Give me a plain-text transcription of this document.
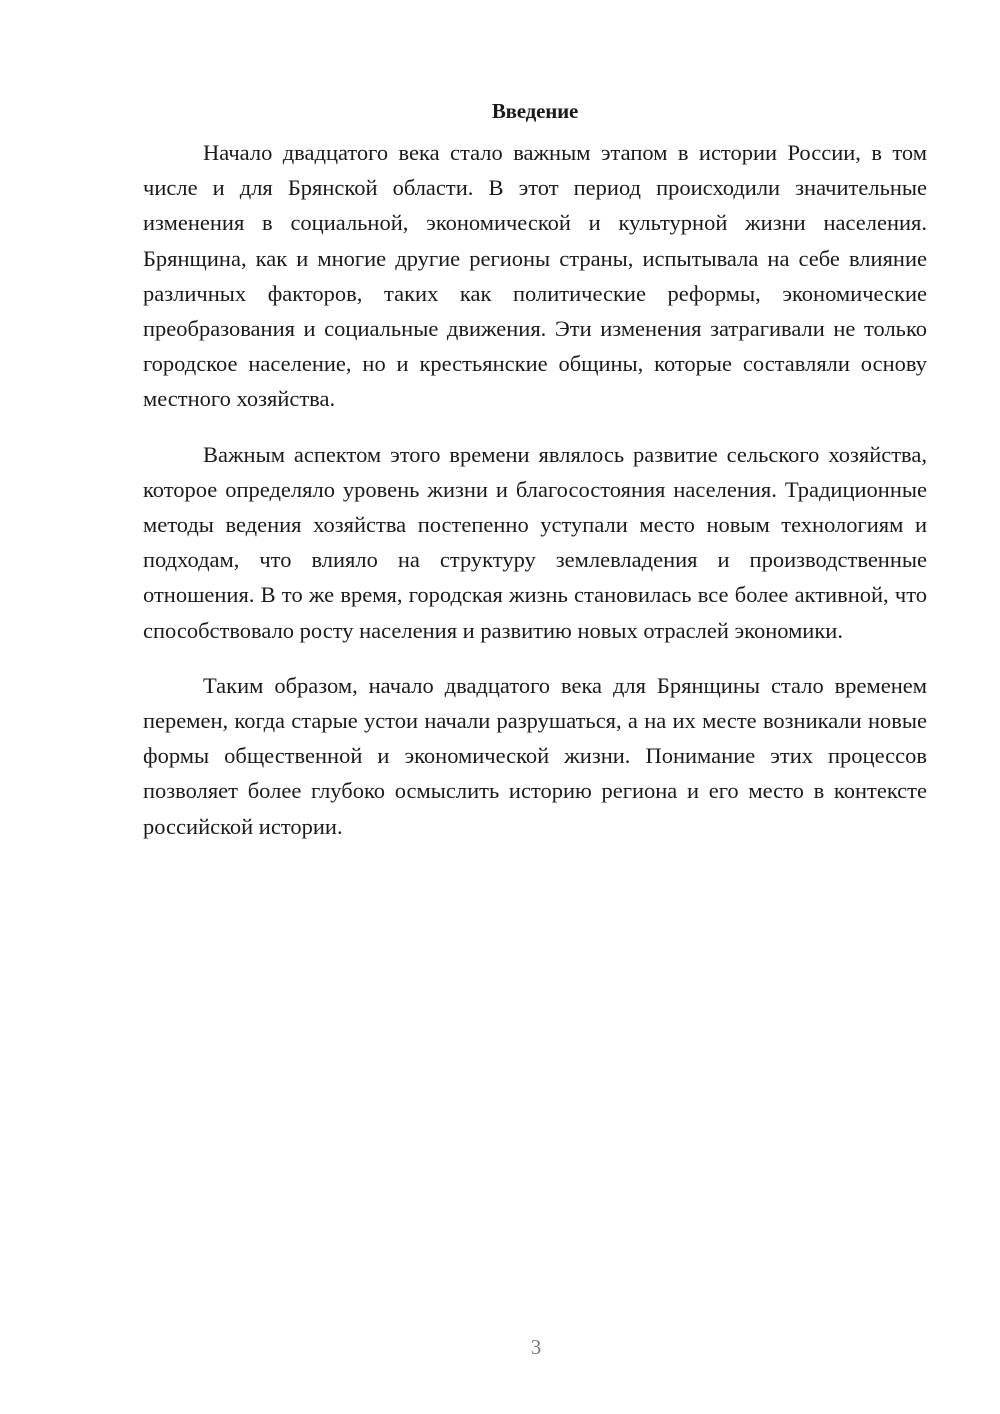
Введение

Начало двадцатого века стало важным этапом в истории России, в том числе и для Брянской области. В этот период происходили значительные изменения в социальной, экономической и культурной жизни населения. Брянщина, как и многие другие регионы страны, испытывала на себе влияние различных факторов, таких как политические реформы, экономические преобразования и социальные движения. Эти изменения затрагивали не только городское население, но и крестьянские общины, которые составляли основу местного хозяйства.

Важным аспектом этого времени являлось развитие сельского хозяйства, которое определяло уровень жизни и благосостояния населения. Традиционные методы ведения хозяйства постепенно уступали место новым технологиям и подходам, что влияло на структуру землевладения и производственные отношения. В то же время, городская жизнь становилась все более активной, что способствовало росту населения и развитию новых отраслей экономики.

Таким образом, начало двадцатого века для Брянщины стало временем перемен, когда старые устои начали разрушаться, а на их месте возникали новые формы общественной и экономической жизни. Понимание этих процессов позволяет более глубоко осмыслить историю региона и его место в контексте российской истории.

3
